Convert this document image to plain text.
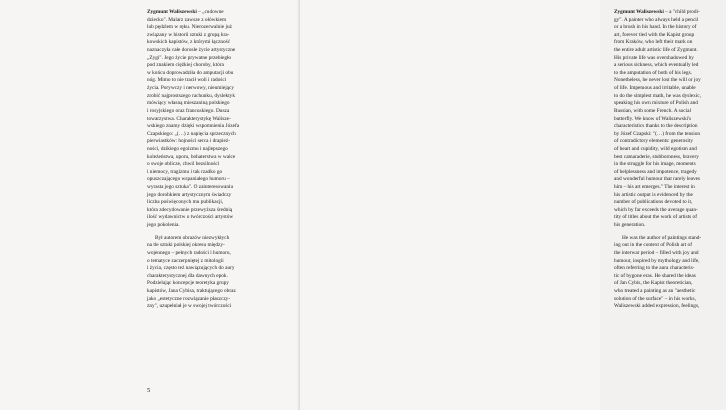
Zygmunt Waliszewski – „cudowne
dziecko". Malarz zawsze z ołówkiem
lub pędzlem w ręku. Nierozerwalnie już
związany w historii sztuki z grupą kra-
kowskich kapistów, z którymi łączność
naznaczyła całe dorosłe życie artystyczne
„Zygi". Jego życie prywatne przebiegło
pod znakiem ciężkiej choroby, która
w końcu doprowadziła do amputacji obu
nóg. Mimo to nie tracił woli i radości
życia. Porywczy i nerwowy, nieumiejący
zrobić najprostszego rachunku, dyslektyk
mówiący własną mieszaniną polskiego
i rosyjskiego oraz francuskiego. Dusza
towarzystwa. Charakterystykę Walisze-
wskiego znamy dzięki wspomnieniu Józefa
Czapskiego: „(…) z napięcia sprzecznych
pierwiastków: hojności serca i drapież-
ności, dzikiego egoizmu i najlepszego
koleżeństwa, uporu, bohaterstwa w walce
o swoje oblicze, chwil bezsilności
i niemocy, tragizmu i tak rzadko go
opuszczającego wspaniałego humoru –
wyrasta jego sztuka". O zainteresowaniu
jego dorobkiem artystycznym świadczy
liczba poświęconych mu publikacji,
która zdecydowanie przewyższa średnią
ilość wydawnictw o twórczości artystów
jego pokolenia.

Był autorem obrazów niezwykłych
na tle sztuki polskiej okresu między-
wojennego – pełnych radości i humoru,
o tematyce zaczerpniętej z mitologii
i życia, często też nawiązujących do aury
charakterystycznej dla dawnych epok.
Podzielając koncepcje teoretyka grupy
kapistów, Jana Cybisa, traktującego obraz
jako „estetyczne rozwiązanie płaszczy-
zny", uzupełniał je w swojej twórczości

5

Zygmunt Waliszewski – a "child prodi-
gy". A painter who always held a pencil
or a brush in his hand. In the history of
art, forever tied with the Kapist group
from Kraków, who left their mark on
the entire adult artistic life of Zygmunt.
His private life was overshadowed by
a serious sickness, which eventually led
to the amputation of both of his legs.
Nonetheless, he never lost the will or joy
of life. Impetuous and irritable, unable
to do the simplest math, he was dyslexic,
speaking his own mixture of Polish and
Russian, with some French. A social
butterfly. We know of Waliszewski's
characteristics thanks to the description
by Józef Czapski: "(…) from the tension
of contradictory elements: generosity
of heart and cupidity, wild egotism and
best camaraderie, stubbornness, bravery
in the struggle for his image, moments
of helplessness and impotence, tragedy
and wonderful humour that rarely leaves
him – his art emerges." The interest in
his artistic output is evidenced by the
number of publications devoted to it,
which by far exceeds the average quan-
tity of titles about the work of artists of
his generation.

He was the author of paintings stand-
ing out in the context of Polish art of
the interwar period – filled with joy and
humour, inspired by mythology and life,
often referring to the aura characteris-
tic of bygone eras. He shared the ideas
of Jan Cybis, the Kapist theoretician,
who treated a painting as an "aesthetic
solution of the surface" – in his works,
Waliszewski added expression, feelings,
